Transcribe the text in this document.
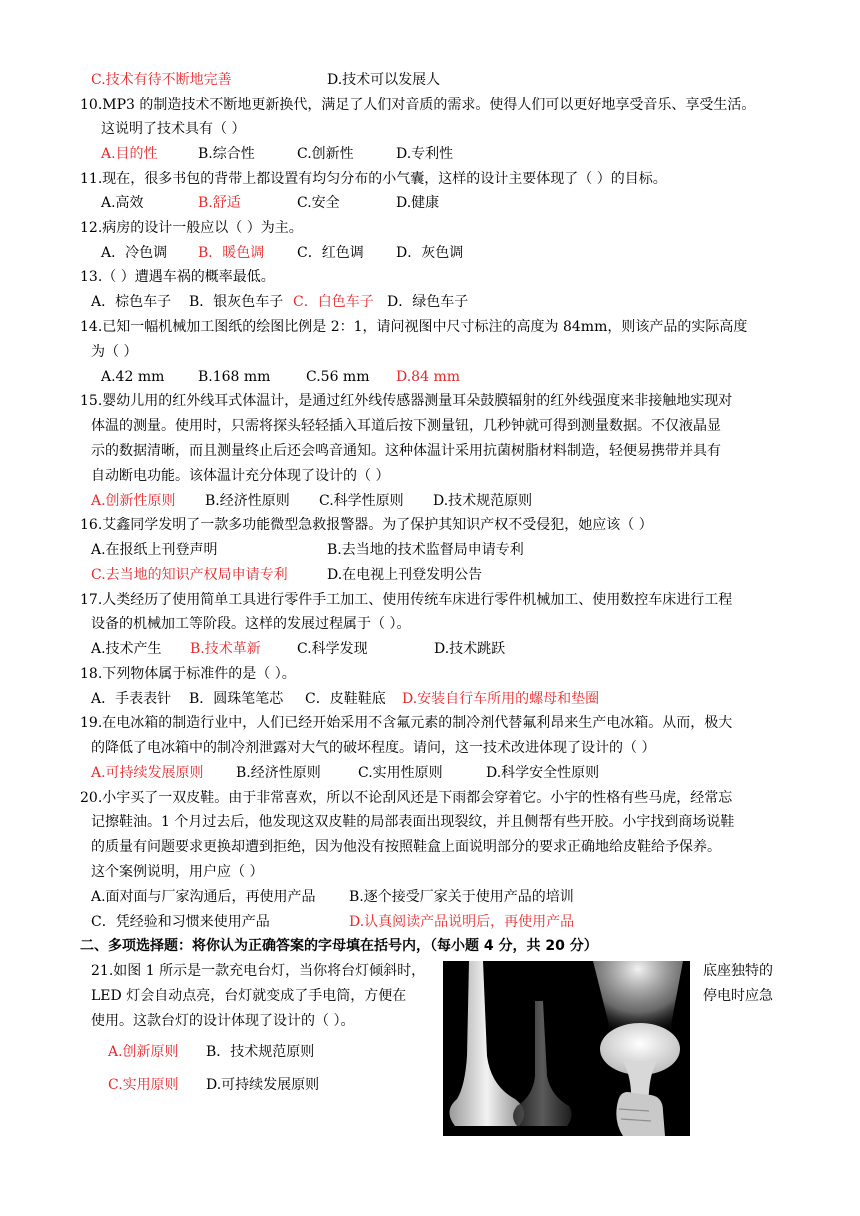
C.技术有待不断地完善	D.技术可以发展人
10.MP3 的制造技术不断地更新换代，满足了人们对音质的需求。使得人们可以更好地享受音乐、享受生活。
这说明了技术具有（ ）
A.目的性	B.综合性	C.创新性	D.专利性
11.现在，很多书包的背带上都设置有均匀分布的小气囊，这样的设计主要体现了（ ）的目标。
A.高效	B.舒适	C.安全	D.健康
12.病房的设计一般应以（ ）为主。
A．冷色调 B．暖色调 C．红色调 D．灰色调
13.（ ）遭遇车祸的概率最低。
A．棕色车子 B．银灰色车子 C．白色车子 D．绿色车子
14.已知一幅机械加工图纸的绘图比例是 2：1，请问视图中尺寸标注的高度为 84mm，则该产品的实际高度
为（ ）
A.42 mm B.168 mm	C.56 mm D.84 mm
15.婴幼儿用的红外线耳式体温计，是通过红外线传感器测量耳朵鼓膜辐射的红外线强度来非接触地实现对
体温的测量。使用时，只需将探头轻轻插入耳道后按下测量钮，几秒钟就可得到测量数据。不仅液晶显
示的数据清晰，而且测量终止后还会鸣音通知。这种体温计采用抗菌树脂材料制造，轻便易携带并具有
自动断电功能。该体温计充分体现了设计的（ ）
A.创新性原则 B.经济性原则 C.科学性原则 D.技术规范原则
16.艾鑫同学发明了一款多功能微型急救报警器。为了保护其知识产权不受侵犯，她应该（ ）
A.在报纸上刊登声明	B.去当地的技术监督局申请专利
C.去当地的知识产权局申请专利	D.在电视上刊登发明公告
17.人类经历了使用简单工具进行零件手工加工、使用传统车床进行零件机械加工、使用数控车床进行工程
设备的机械加工等阶段。这样的发展过程属于（ ）。
A.技术产生 B.技术革新	C.科学发现	D.技术跳跃
18.下列物体属于标准件的是（ ）。
A．手表表针 B．圆珠笔笔芯 C．皮鞋鞋底 D.安装自行车所用的螺母和垫圈
19.在电冰箱的制造行业中，人们已经开始采用不含氟元素的制冷剂代替氟利昂来生产电冰箱。从而，极大
的降低了电冰箱中的制冷剂泄露对大气的破坏程度。请问，这一技术改进体现了设计的（ ）
A.可持续发展原则 B.经济性原则	C.实用性原则	D.科学安全性原则
20.小宇买了一双皮鞋。由于非常喜欢，所以不论刮风还是下雨都会穿着它。小宇的性格有些马虎，经常忘
记擦鞋油。1 个月过去后，他发现这双皮鞋的局部表面出现裂纹，并且侧帮有些开胶。小宇找到商场说鞋
的质量有问题要求更换却遭到拒绝，因为他没有按照鞋盒上面说明部分的要求正确地给皮鞋给予保养。
这个案例说明，用户应（ ）
A.面对面与厂家沟通后，再使用产品 B.逐个接受厂家关于使用产品的培训
C．凭经验和习惯来使用产品	D.认真阅读产品说明后，再使用产品
二、多项选择题：将你认为正确答案的字母填在括号内，（每小题 4 分，共 20 分）
21.如图 1 所示是一款充电台灯，当你将台灯倾斜时，	底座独特的
LED 灯会自动点亮，台灯就变成了手电筒，方便在	停电时应急
使用。这款台灯的设计体现了设计的（ ）。
A.创新原则 B．技术规范原则
C.实用原则 D.可持续发展原则
